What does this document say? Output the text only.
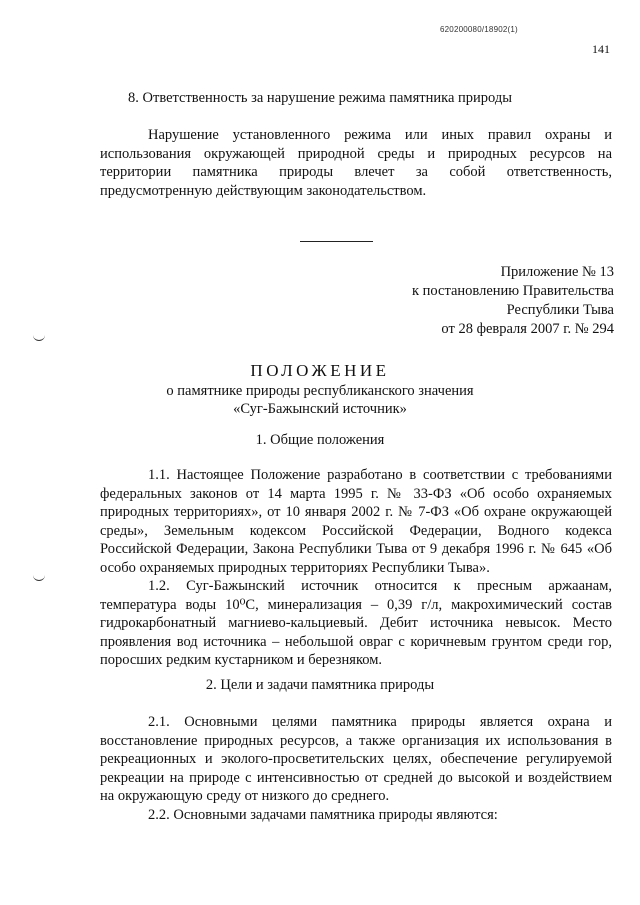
620200080/18902(1)
141
8. Ответственность за нарушение режима памятника природы

Нарушение установленного режима или иных правил охраны и использования окружающей природной среды и природных ресурсов на территории памятника природы влечет за собой ответственность, предусмотренную действующим законодательством.

Приложение № 13
к постановлению Правительства
Республики Тыва
от 28 февраля 2007 г. № 294
ПОЛОЖЕНИЕ
о памятнике природы республиканского значения
«Суг-Бажынский источник»
1. Общие положения

1.1. Настоящее Положение разработано в соответствии с требованиями федеральных законов от 14 марта 1995 г. № 33-ФЗ «Об особо охраняемых природных территориях», от 10 января 2002 г. № 7-ФЗ «Об охране окружающей среды», Земельным кодексом Российской Федерации, Водного кодекса Российской Федерации, Закона Республики Тыва от 9 декабря 1996 г. № 645 «Об особо охраняемых природных территориях Республики Тыва».

1.2. Суг-Бажынский источник относится к пресным аржаанам, температура воды 10⁰С, минерализация – 0,39 г/л, макрохимический состав гидрокарбонатный магниево-кальциевый. Дебит источника невысок. Место проявления вод источника – небольшой овраг с коричневым грунтом среди гор, поросших редким кустарником и березняком.

2. Цели и задачи памятника природы

2.1. Основными целями памятника природы является охрана и восстановление природных ресурсов, а также организация их использования в рекреационных и эколого-просветительских целях, обеспечение регулируемой рекреации на природе с интенсивностью от средней до высокой и воздействием на окружающую среду от низкого до среднего.

2.2. Основными задачами памятника природы являются:
